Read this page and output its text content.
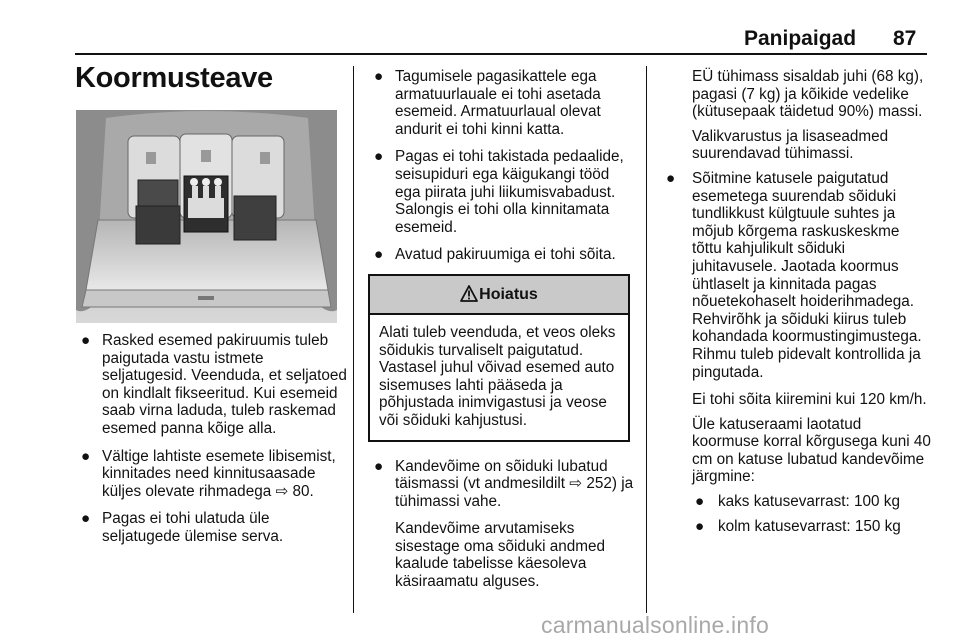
Panipaigad 87
Koormusteave
● Rasked esemed pakiruumis tuleb paigutada vastu istmete seljatugesid. Veenduda, et seljatoed on kindlalt fikseeritud. Kui esemeid saab virna laduda, tuleb raskemad esemed panna kõige alla.
● Vältige lahtiste esemete libisemist, kinnitades need kinnitusaasade küljes olevate rihmadega ⇨ 80.
● Pagas ei tohi ulatuda üle seljatugede ülemise serva.
● Tagumisele pagasikattele ega armatuurlauale ei tohi asetada esemeid. Armatuurlaual olevat andurit ei tohi kinni katta.
● Pagas ei tohi takistada pedaalide, seisupiduri ega käigukangi tööd ega piirata juhi liikumisvabadust. Salongis ei tohi olla kinnitamata esemeid.
● Avatud pakiruumiga ei tohi sõita.
Hoiatus
Alati tuleb veenduda, et veos oleks sõidukis turvaliselt paigutatud. Vastasel juhul võivad esemed auto sisemuses lahti pääseda ja põhjustada inimvigastusi ja veose või sõiduki kahjustusi.
● Kandevõime on sõiduki lubatud täismassi (vt andmesildilt ⇨ 252) ja tühimassi vahe.
Kandevõime arvutamiseks sisestage oma sõiduki andmed kaalude tabelisse käesoleva käsiraamatu alguses.
EÜ tühimass sisaldab juhi (68 kg), pagasi (7 kg) ja kõikide vedelike (kütusepaak täidetud 90%) massi.
Valikvarustus ja lisaseadmed suurendavad tühimassi.
● Sõitmine katusele paigutatud esemetega suurendab sõiduki tundlikkust külgtuule suhtes ja mõjub kõrgema raskuskeskme tõttu kahjulikult sõiduki juhitavusele. Jaotada koormus ühtlaselt ja kinnitada pagas nõuetekohaselt hoiderihmadega. Rehvirõhk ja sõiduki kiirus tuleb kohandada koormustingimustega. Rihmu tuleb pidevalt kontrollida ja pingutada.
Ei tohi sõita kiiremini kui 120 km/h.
Üle katuseraami laotatud koormuse korral kõrgusega kuni 40 cm on katuse lubatud kandevõime järgmine:
● kaks katusevarrast: 100 kg
● kolm katusevarrast: 150 kg
carmanualsonline.info
